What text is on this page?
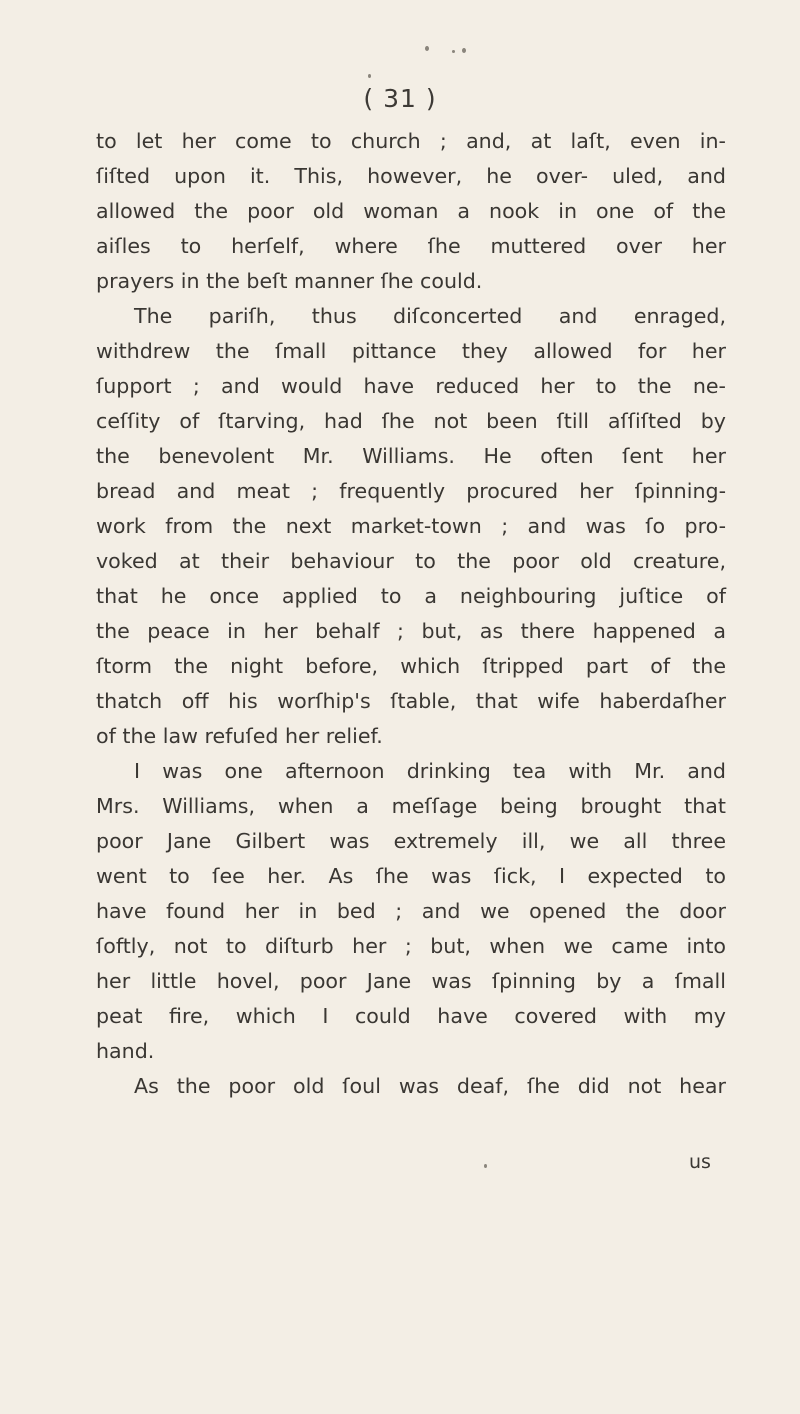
( 31 )
to let her come to church ; and, at laſt, even in-
ſiſted upon it. This, however, he over- uled, and
allowed the poor old woman a nook in one of the
aiſles to herſelf, where ſhe muttered over her
prayers in the beſt manner ſhe could.
The pariſh, thus diſconcerted and enraged,
withdrew the ſmall pittance they allowed for her
ſupport ; and would have reduced her to the ne-
ceſſity of ſtarving, had ſhe not been ſtill aſſiſted by
the benevolent Mr. Williams. He often ſent her
bread and meat ; frequently procured her ſpinning-
work from the next market-town ; and was ſo pro-
voked at their behaviour to the poor old creature,
that he once applied to a neighbouring juſtice of
the peace in her behalf ; but, as there happened a
ſtorm the night before, which ſtripped part of the
thatch off his worſhip's ſtable, that wife haberdaſher
of the law refuſed her relief.
I was one afternoon drinking tea with Mr. and
Mrs. Williams, when a meſſage being brought that
poor Jane Gilbert was extremely ill, we all three
went to ſee her. As ſhe was ſick, I expected to
have found her in bed ; and we opened the door
ſoftly, not to diſturb her ; but, when we came into
her little hovel, poor Jane was ſpinning by a ſmall
peat fire, which I could have covered with my
hand.
As the poor old ſoul was deaf, ſhe did not hear
us
